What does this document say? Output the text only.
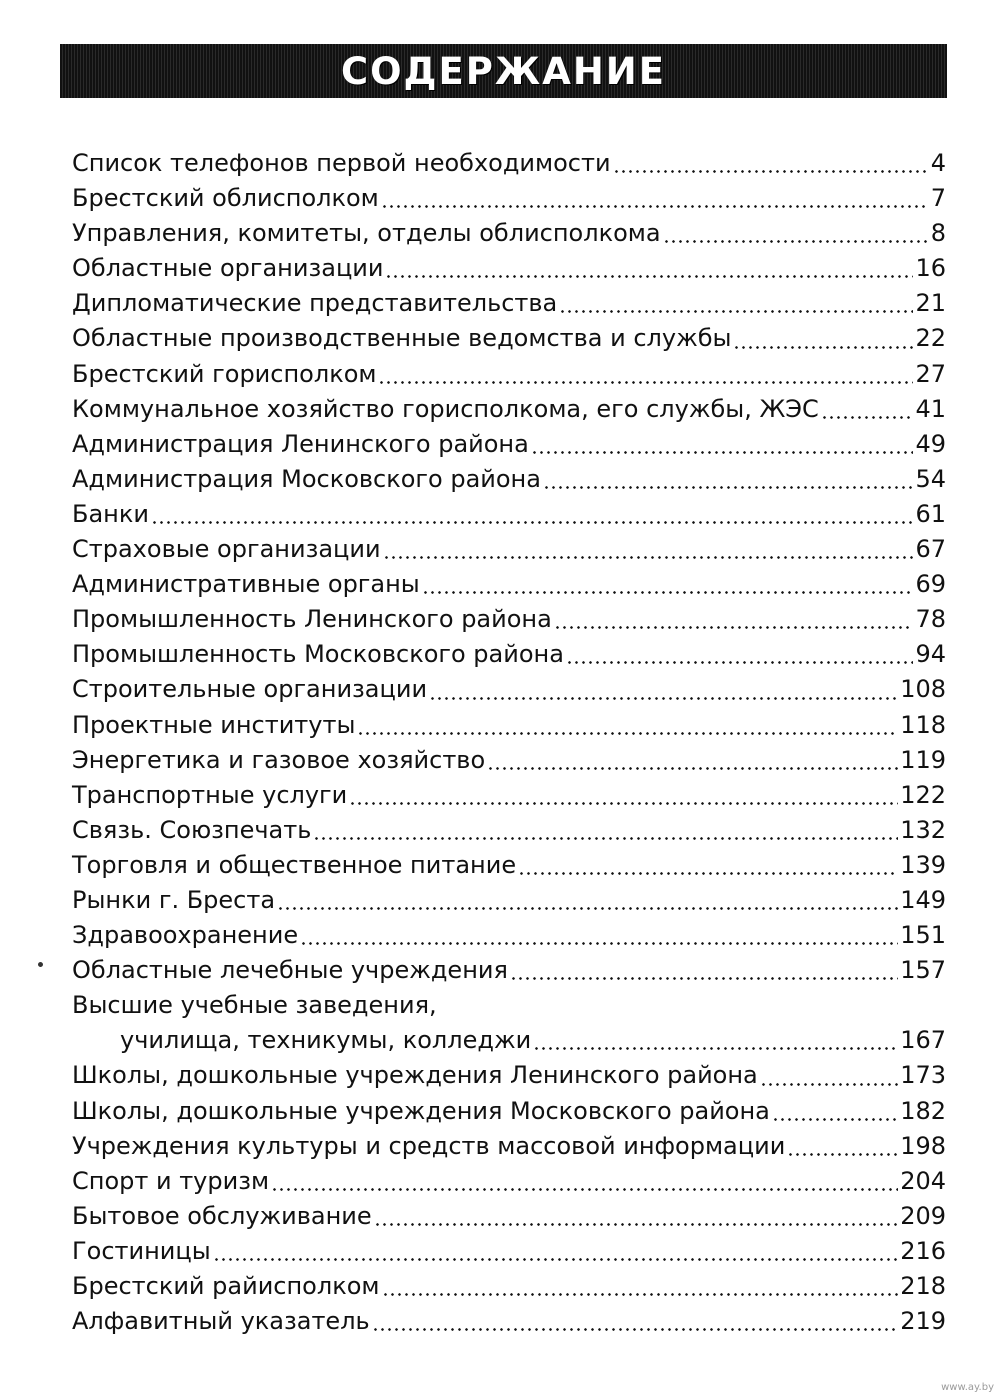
СОДЕРЖАНИЕ
Список телефонов первой необходимости	4
Брестский облисполком	7
Управления, комитеты, отделы облисполкома	8
Областные организации	16
Дипломатические представительства	21
Областные производственные ведомства и службы	22
Брестский горисполком	27
Коммунальное хозяйство горисполкома, его службы, ЖЭС	41
Администрация Ленинского района	49
Администрация Московского района	54
Банки	61
Страховые организации	67
Административные органы	69
Промышленность Ленинского района	78
Промышленность Московского района	94
Строительные организации	108
Проектные институты	118
Энергетика и газовое хозяйство	119
Транспортные услуги	122
Связь. Союзпечать	132
Торговля и общественное питание	139
Рынки г. Бреста	149
Здравоохранение	151
Областные лечебные учреждения	157
Высшие учебные заведения,
училища, техникумы, колледжи	167
Школы, дошкольные учреждения Ленинского района	173
Школы, дошкольные учреждения Московского района	182
Учреждения культуры и средств массовой информации	198
Спорт и туризм	204
Бытовое обслуживание	209
Гостиницы	216
Брестский райисполком	218
Алфавитный указатель	219
www.ay.by
